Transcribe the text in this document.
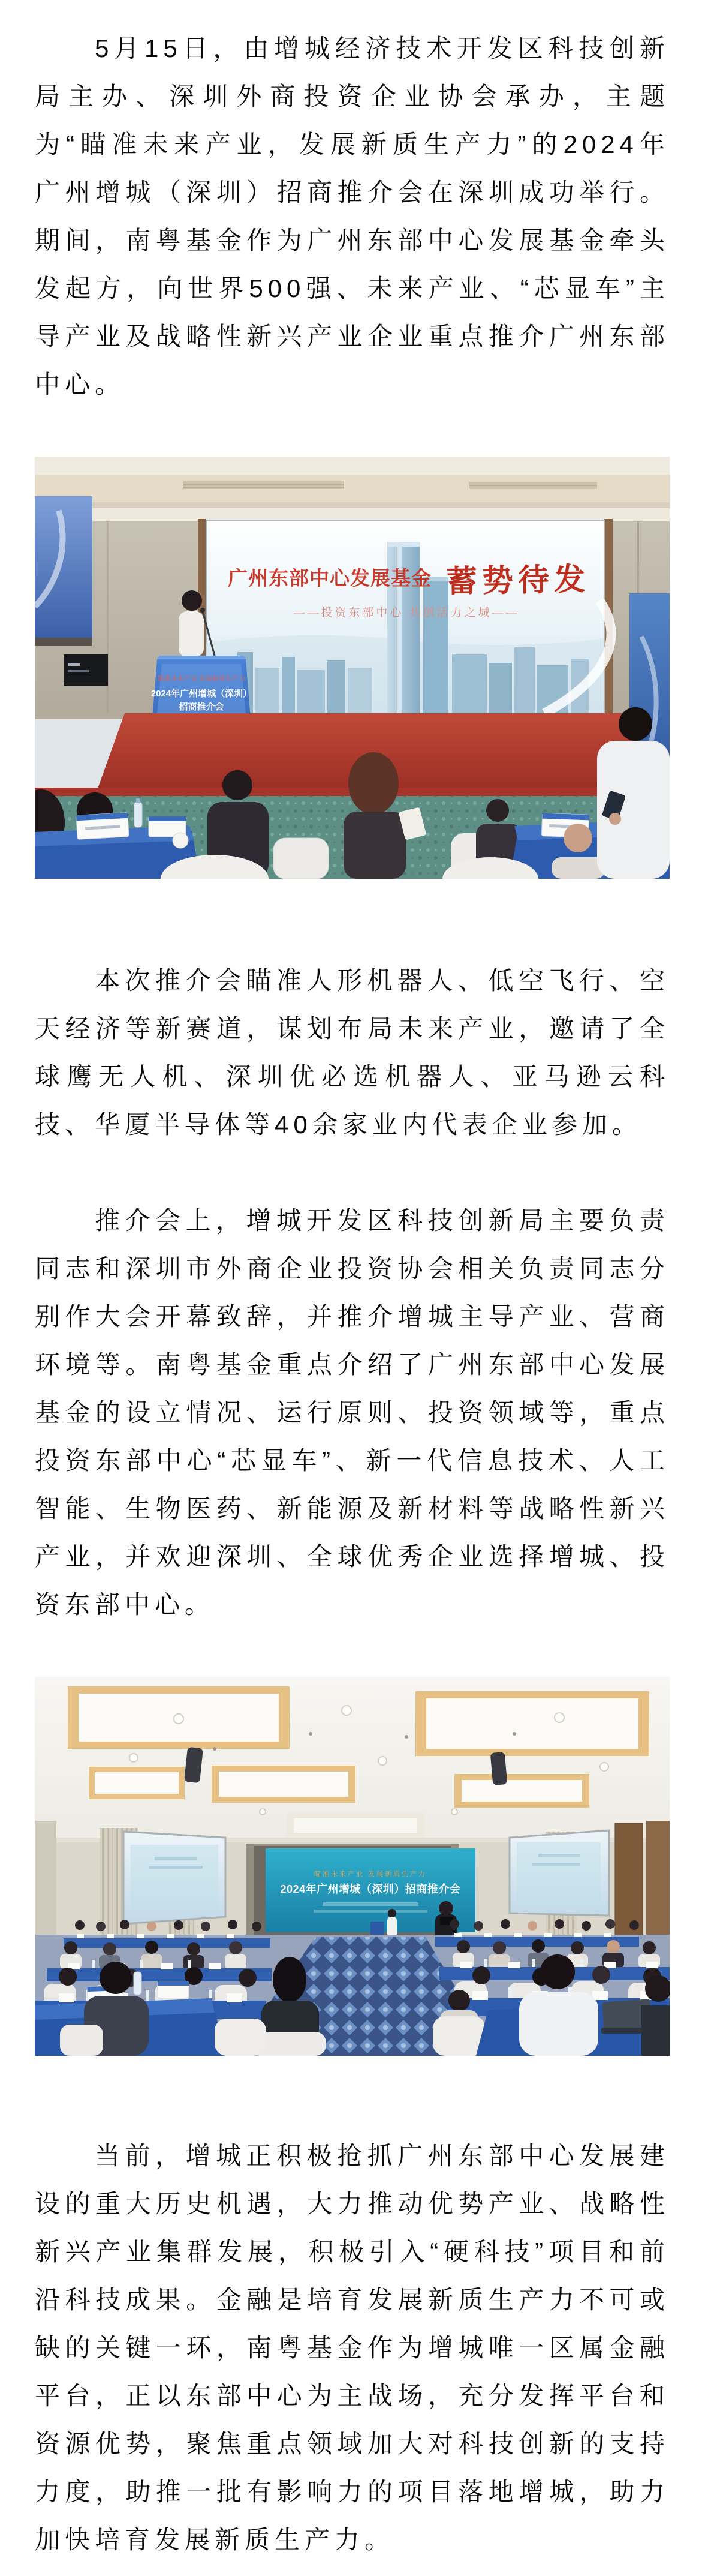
5月15日，由增城经济技术开发区科技创新局主办、深圳外商投资企业协会承办，主题为“瞄准未来产业，发展新质生产力”的2024年广州增城（深圳）招商推介会在深圳成功举行。期间，南粤基金作为广州东部中心发展基金牵头发起方，向世界500强、未来产业、“芯显车”主导产业及战略性新兴产业企业重点推介广州东部中心。

广州东部中心发展基金 蓄势待发
——投资东部中心 共创活力之城——
瞄准未来产业 发展新质生产力
2024年广州增城（深圳）
招商推介会

本次推介会瞄准人形机器人、低空飞行、空天经济等新赛道，谋划布局未来产业，邀请了全球鹰无人机、深圳优必选机器人、亚马逊云科技、华厦半导体等40余家业内代表企业参加。

推介会上，增城开发区科技创新局主要负责同志和深圳市外商企业投资协会相关负责同志分别作大会开幕致辞，并推介增城主导产业、营商环境等。南粤基金重点介绍了广州东部中心发展基金的设立情况、运行原则、投资领域等，重点投资东部中心“芯显车”、新一代信息技术、人工智能、生物医药、新能源及新材料等战略性新兴产业，并欢迎深圳、全球优秀企业选择增城、投资东部中心。

瞄准未来产业 发展新质生产力
2024年广州增城（深圳）招商推介会

当前，增城正积极抢抓广州东部中心发展建设的重大历史机遇，大力推动优势产业、战略性新兴产业集群发展，积极引入“硬科技”项目和前沿科技成果。金融是培育发展新质生产力不可或缺的关键一环，南粤基金作为增城唯一区属金融平台，正以东部中心为主战场，充分发挥平台和资源优势，聚焦重点领域加大对科技创新的支持力度，助推一批有影响力的项目落地增城，助力加快培育发展新质生产力。
